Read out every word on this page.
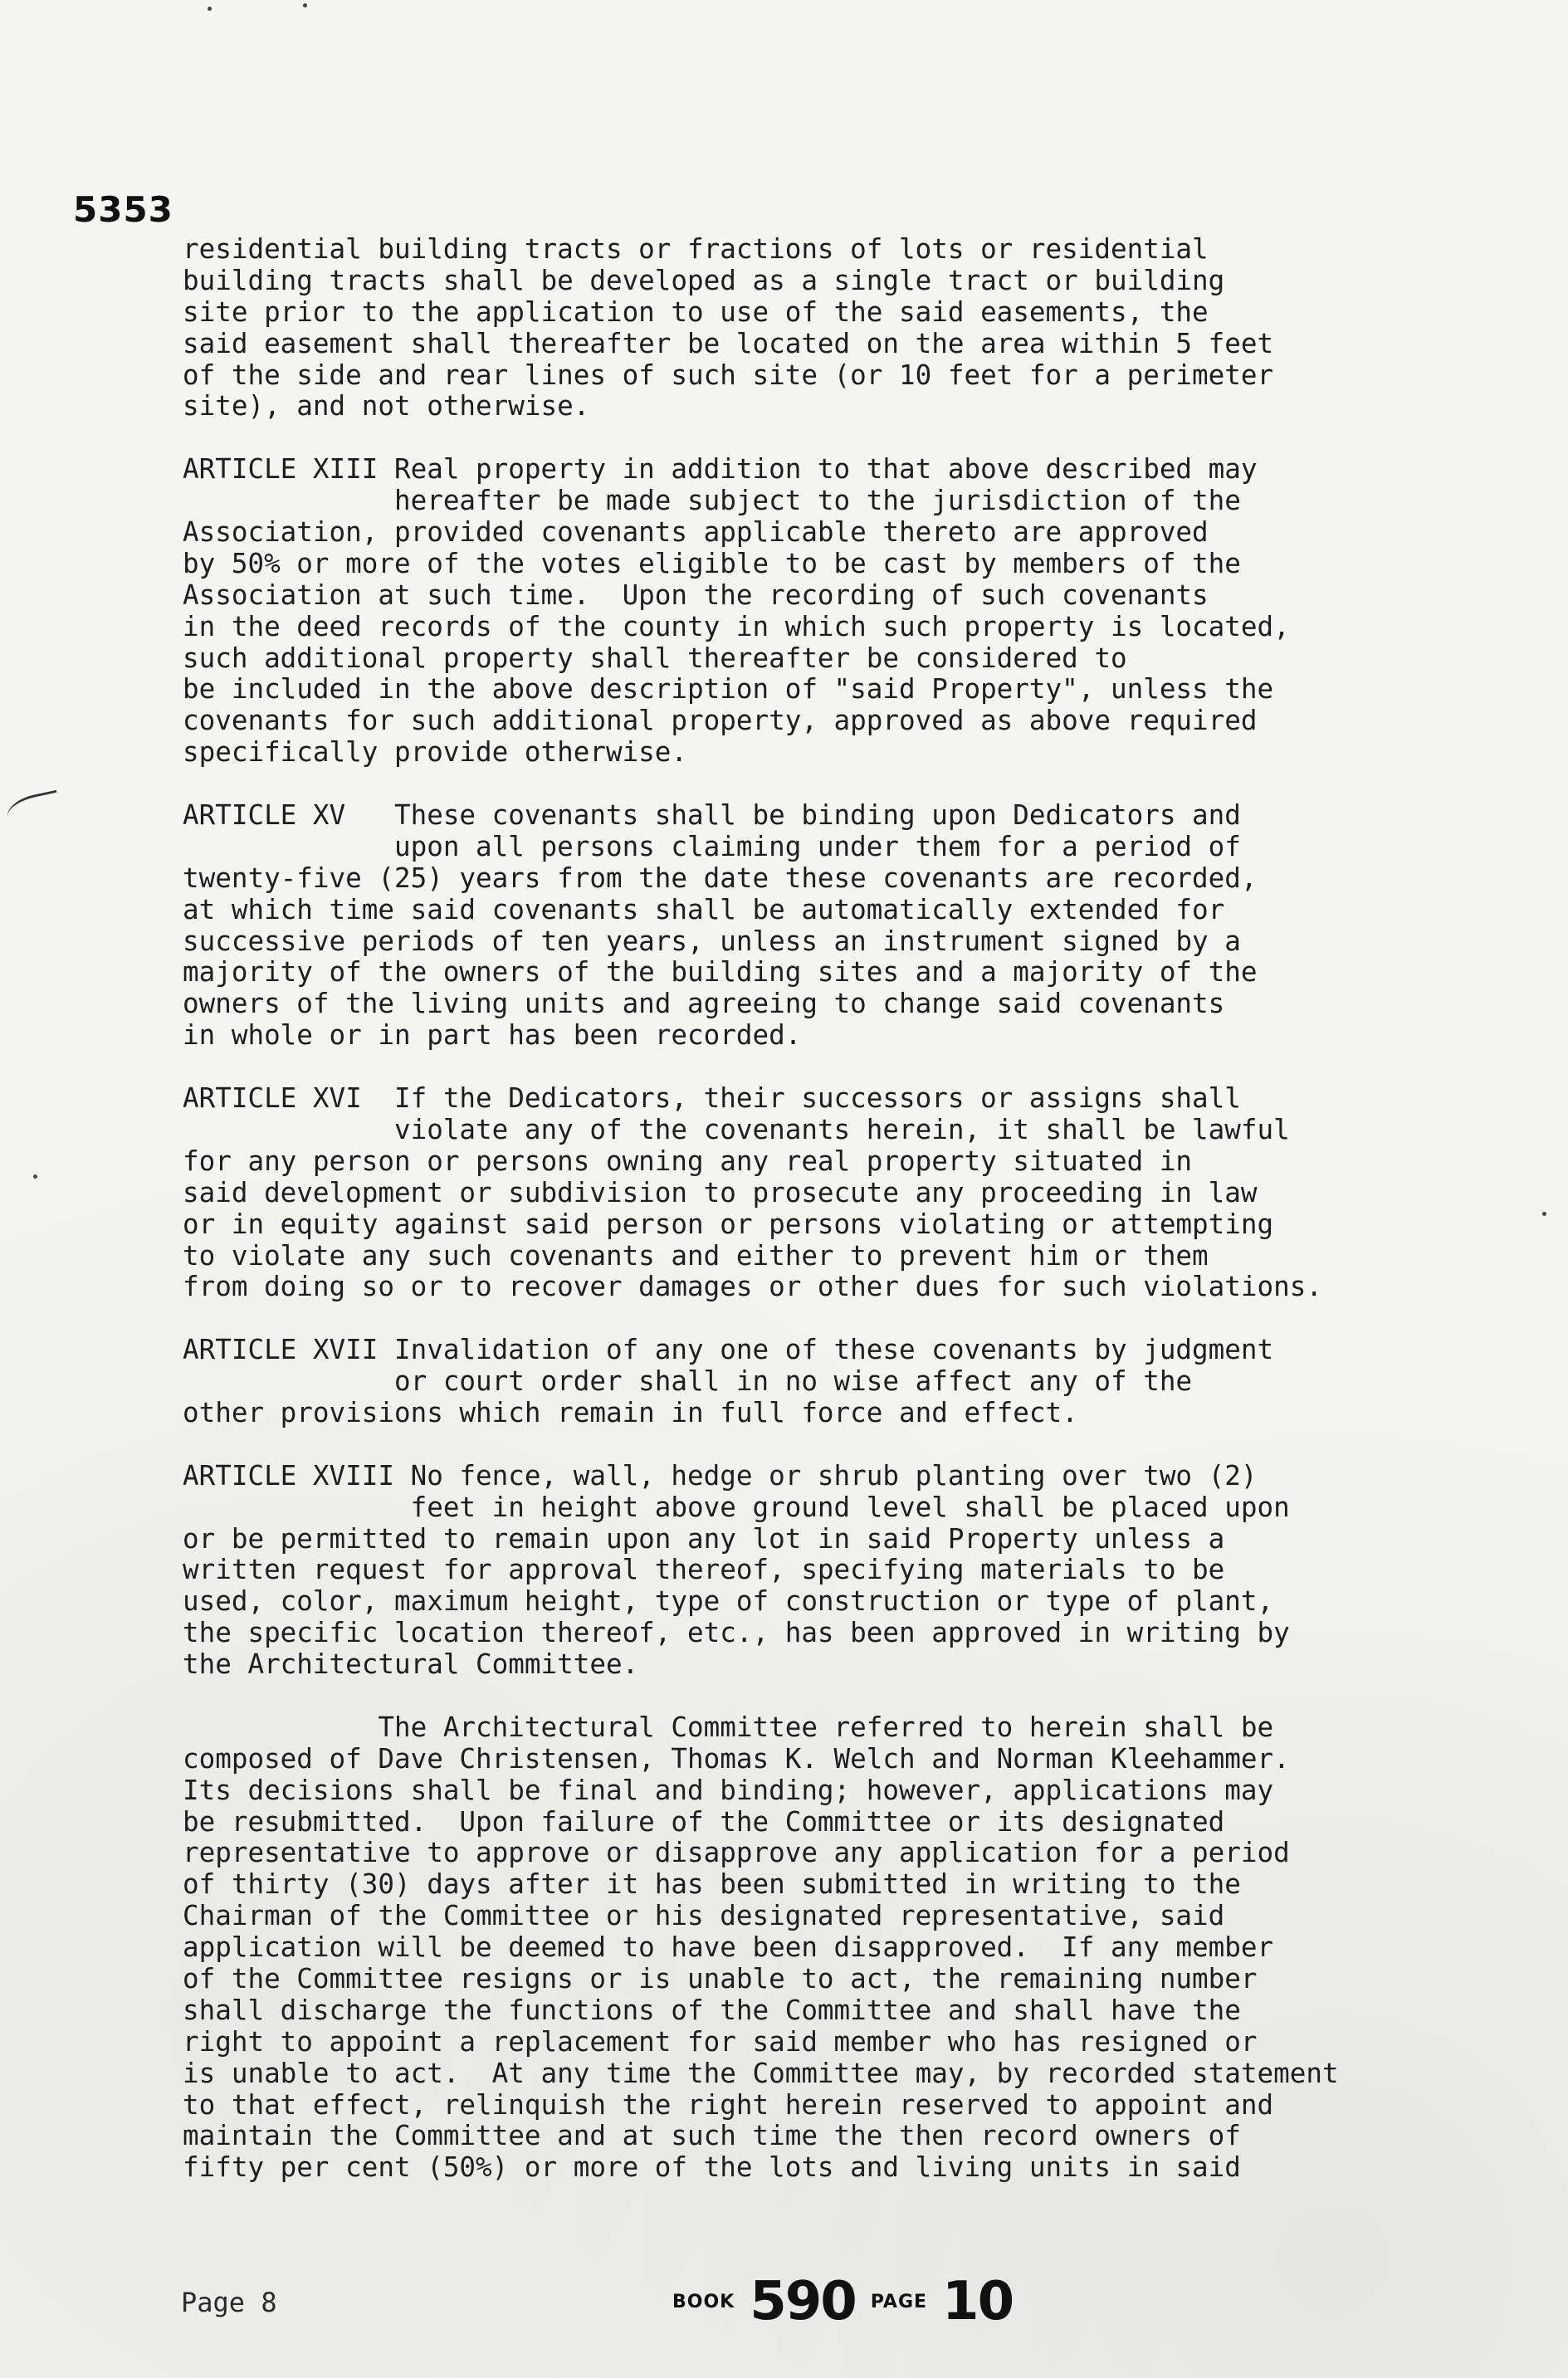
5353
residential building tracts or fractions of lots or residential
building tracts shall be developed as a single tract or building
site prior to the application to use of the said easements, the
said easement shall thereafter be located on the area within 5 feet
of the side and rear lines of such site (or 10 feet for a perimeter
site), and not otherwise.
ARTICLE XIII Real property in addition to that above described may
hereafter be made subject to the jurisdiction of the
Association, provided covenants applicable thereto are approved
by 50% or more of the votes eligible to be cast by members of the
Association at such time.  Upon the recording of such covenants
in the deed records of the county in which such property is located,
such additional property shall thereafter be considered to
be included in the above description of "said Property", unless the
covenants for such additional property, approved as above required
specifically provide otherwise.
ARTICLE XV   These covenants shall be binding upon Dedicators and
upon all persons claiming under them for a period of
twenty-five (25) years from the date these covenants are recorded,
at which time said covenants shall be automatically extended for
successive periods of ten years, unless an instrument signed by a
majority of the owners of the building sites and a majority of the
owners of the living units and agreeing to change said covenants
in whole or in part has been recorded.
ARTICLE XVI  If the Dedicators, their successors or assigns shall
violate any of the covenants herein, it shall be lawful
for any person or persons owning any real property situated in
said development or subdivision to prosecute any proceeding in law
or in equity against said person or persons violating or attempting
to violate any such covenants and either to prevent him or them
from doing so or to recover damages or other dues for such violations.
ARTICLE XVII Invalidation of any one of these covenants by judgment
or court order shall in no wise affect any of the
other provisions which remain in full force and effect.
ARTICLE XVIII No fence, wall, hedge or shrub planting over two (2)
feet in height above ground level shall be placed upon
or be permitted to remain upon any lot in said Property unless a
written request for approval thereof, specifying materials to be
used, color, maximum height, type of construction or type of plant,
the specific location thereof, etc., has been approved in writing by
the Architectural Committee.
The Architectural Committee referred to herein shall be
composed of Dave Christensen, Thomas K. Welch and Norman Kleehammer.
Its decisions shall be final and binding; however, applications may
be resubmitted.  Upon failure of the Committee or its designated
representative to approve or disapprove any application for a period
of thirty (30) days after it has been submitted in writing to the
Chairman of the Committee or his designated representative, said
application will be deemed to have been disapproved.  If any member
of the Committee resigns or is unable to act, the remaining number
shall discharge the functions of the Committee and shall have the
right to appoint a replacement for said member who has resigned or
is unable to act.  At any time the Committee may, by recorded statement
to that effect, relinquish the right herein reserved to appoint and
maintain the Committee and at such time the then record owners of
fifty per cent (50%) or more of the lots and living units in said
Page 8	BOOK 590 PAGE 10
